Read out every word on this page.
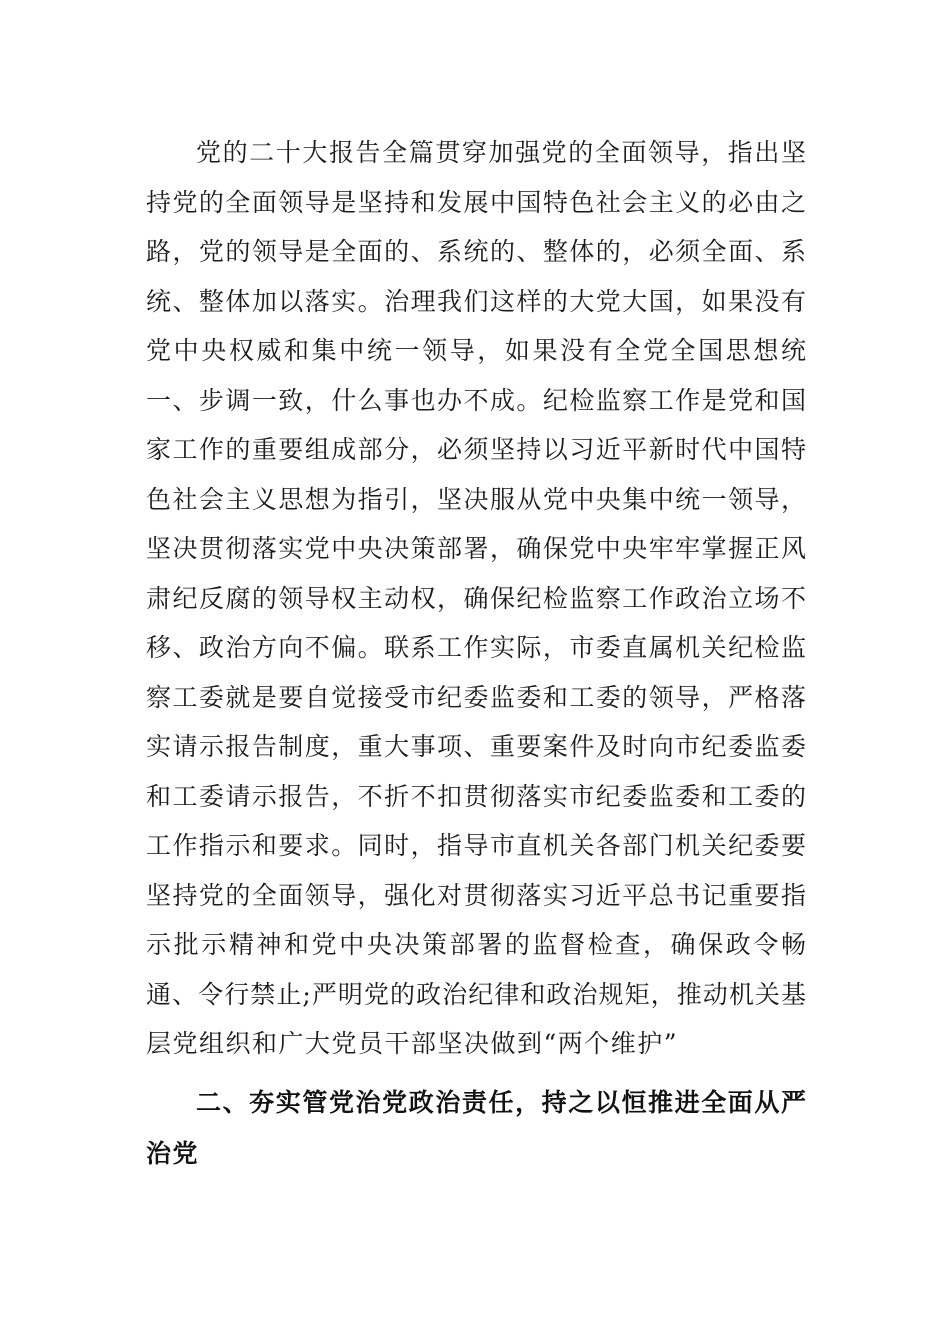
党的二十大报告全篇贯穿加强党的全面领导，指出坚
持党的全面领导是坚持和发展中国特色社会主义的必由之
路，党的领导是全面的、系统的、整体的，必须全面、系
统、整体加以落实。治理我们这样的大党大国，如果没有
党中央权威和集中统一领导，如果没有全党全国思想统
一、步调一致，什么事也办不成。纪检监察工作是党和国
家工作的重要组成部分，必须坚持以习近平新时代中国特
色社会主义思想为指引，坚决服从党中央集中统一领导，
坚决贯彻落实党中央决策部署，确保党中央牢牢掌握正风
肃纪反腐的领导权主动权，确保纪检监察工作政治立场不
移、政治方向不偏。联系工作实际，市委直属机关纪检监
察工委就是要自觉接受市纪委监委和工委的领导，严格落
实请示报告制度，重大事项、重要案件及时向市纪委监委
和工委请示报告，不折不扣贯彻落实市纪委监委和工委的
工作指示和要求。同时，指导市直机关各部门机关纪委要
坚持党的全面领导，强化对贯彻落实习近平总书记重要指
示批示精神和党中央决策部署的监督检查，确保政令畅
通、令行禁止;严明党的政治纪律和政治规矩，推动机关基
层党组织和广大党员干部坚决做到“两个维护”
二、夯实管党治党政治责任，持之以恒推进全面从严
治党
